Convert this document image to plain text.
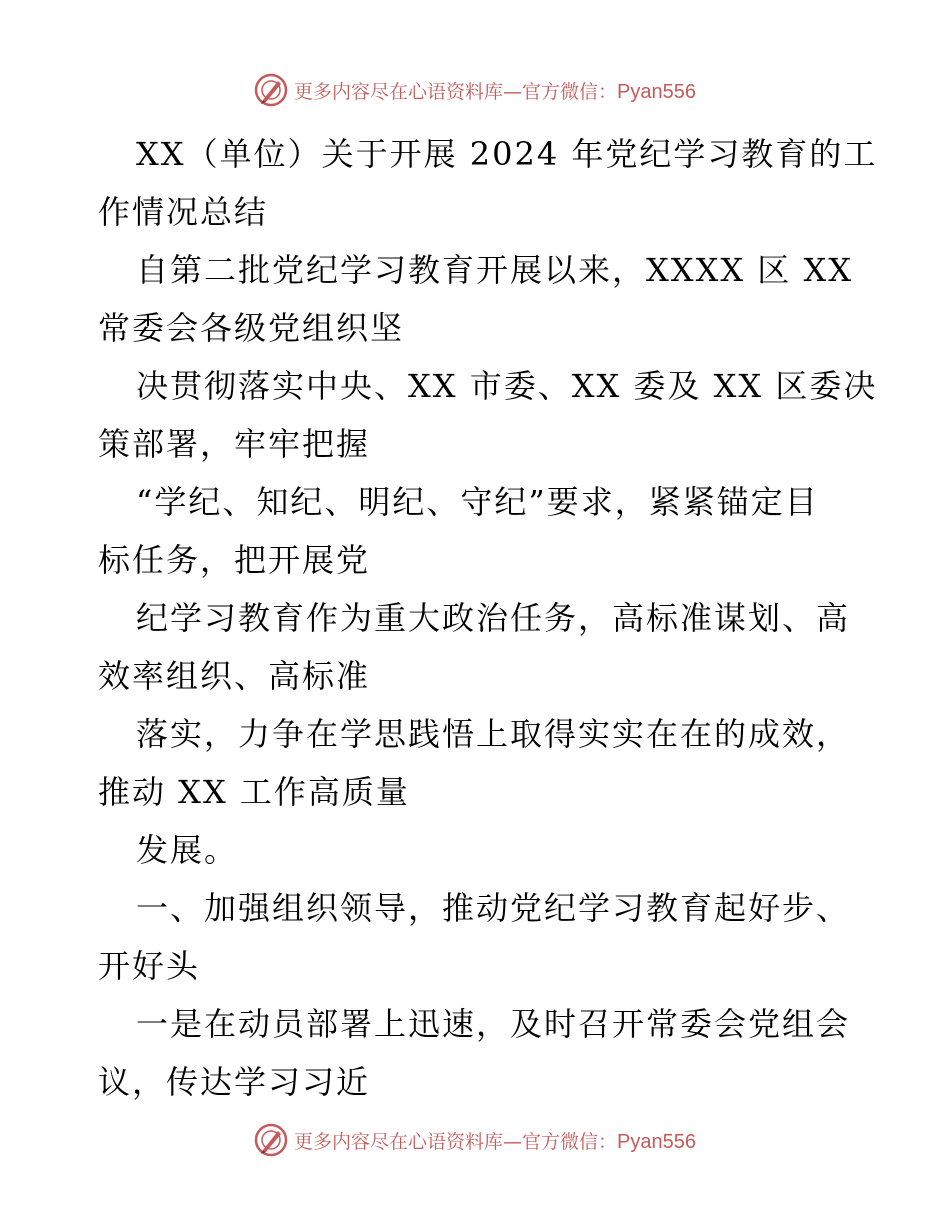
更多内容尽在心语资料库—官方微信：Pyan556
XX（单位）关于开展 2024 年党纪学习教育的工
作情况总结
自第二批党纪学习教育开展以来，XXXX 区 XX
常委会各级党组织坚
决贯彻落实中央、XX 市委、XX 委及 XX 区委决
策部署，牢牢把握
“学纪、知纪、明纪、守纪”要求，紧紧锚定目
标任务，把开展党
纪学习教育作为重大政治任务，高标准谋划、高
效率组织、高标准
落实，力争在学思践悟上取得实实在在的成效，
推动 XX 工作高质量
发展。
一、加强组织领导，推动党纪学习教育起好步、
开好头
一是在动员部署上迅速，及时召开常委会党组会
议，传达学习习近
更多内容尽在心语资料库—官方微信：Pyan556
